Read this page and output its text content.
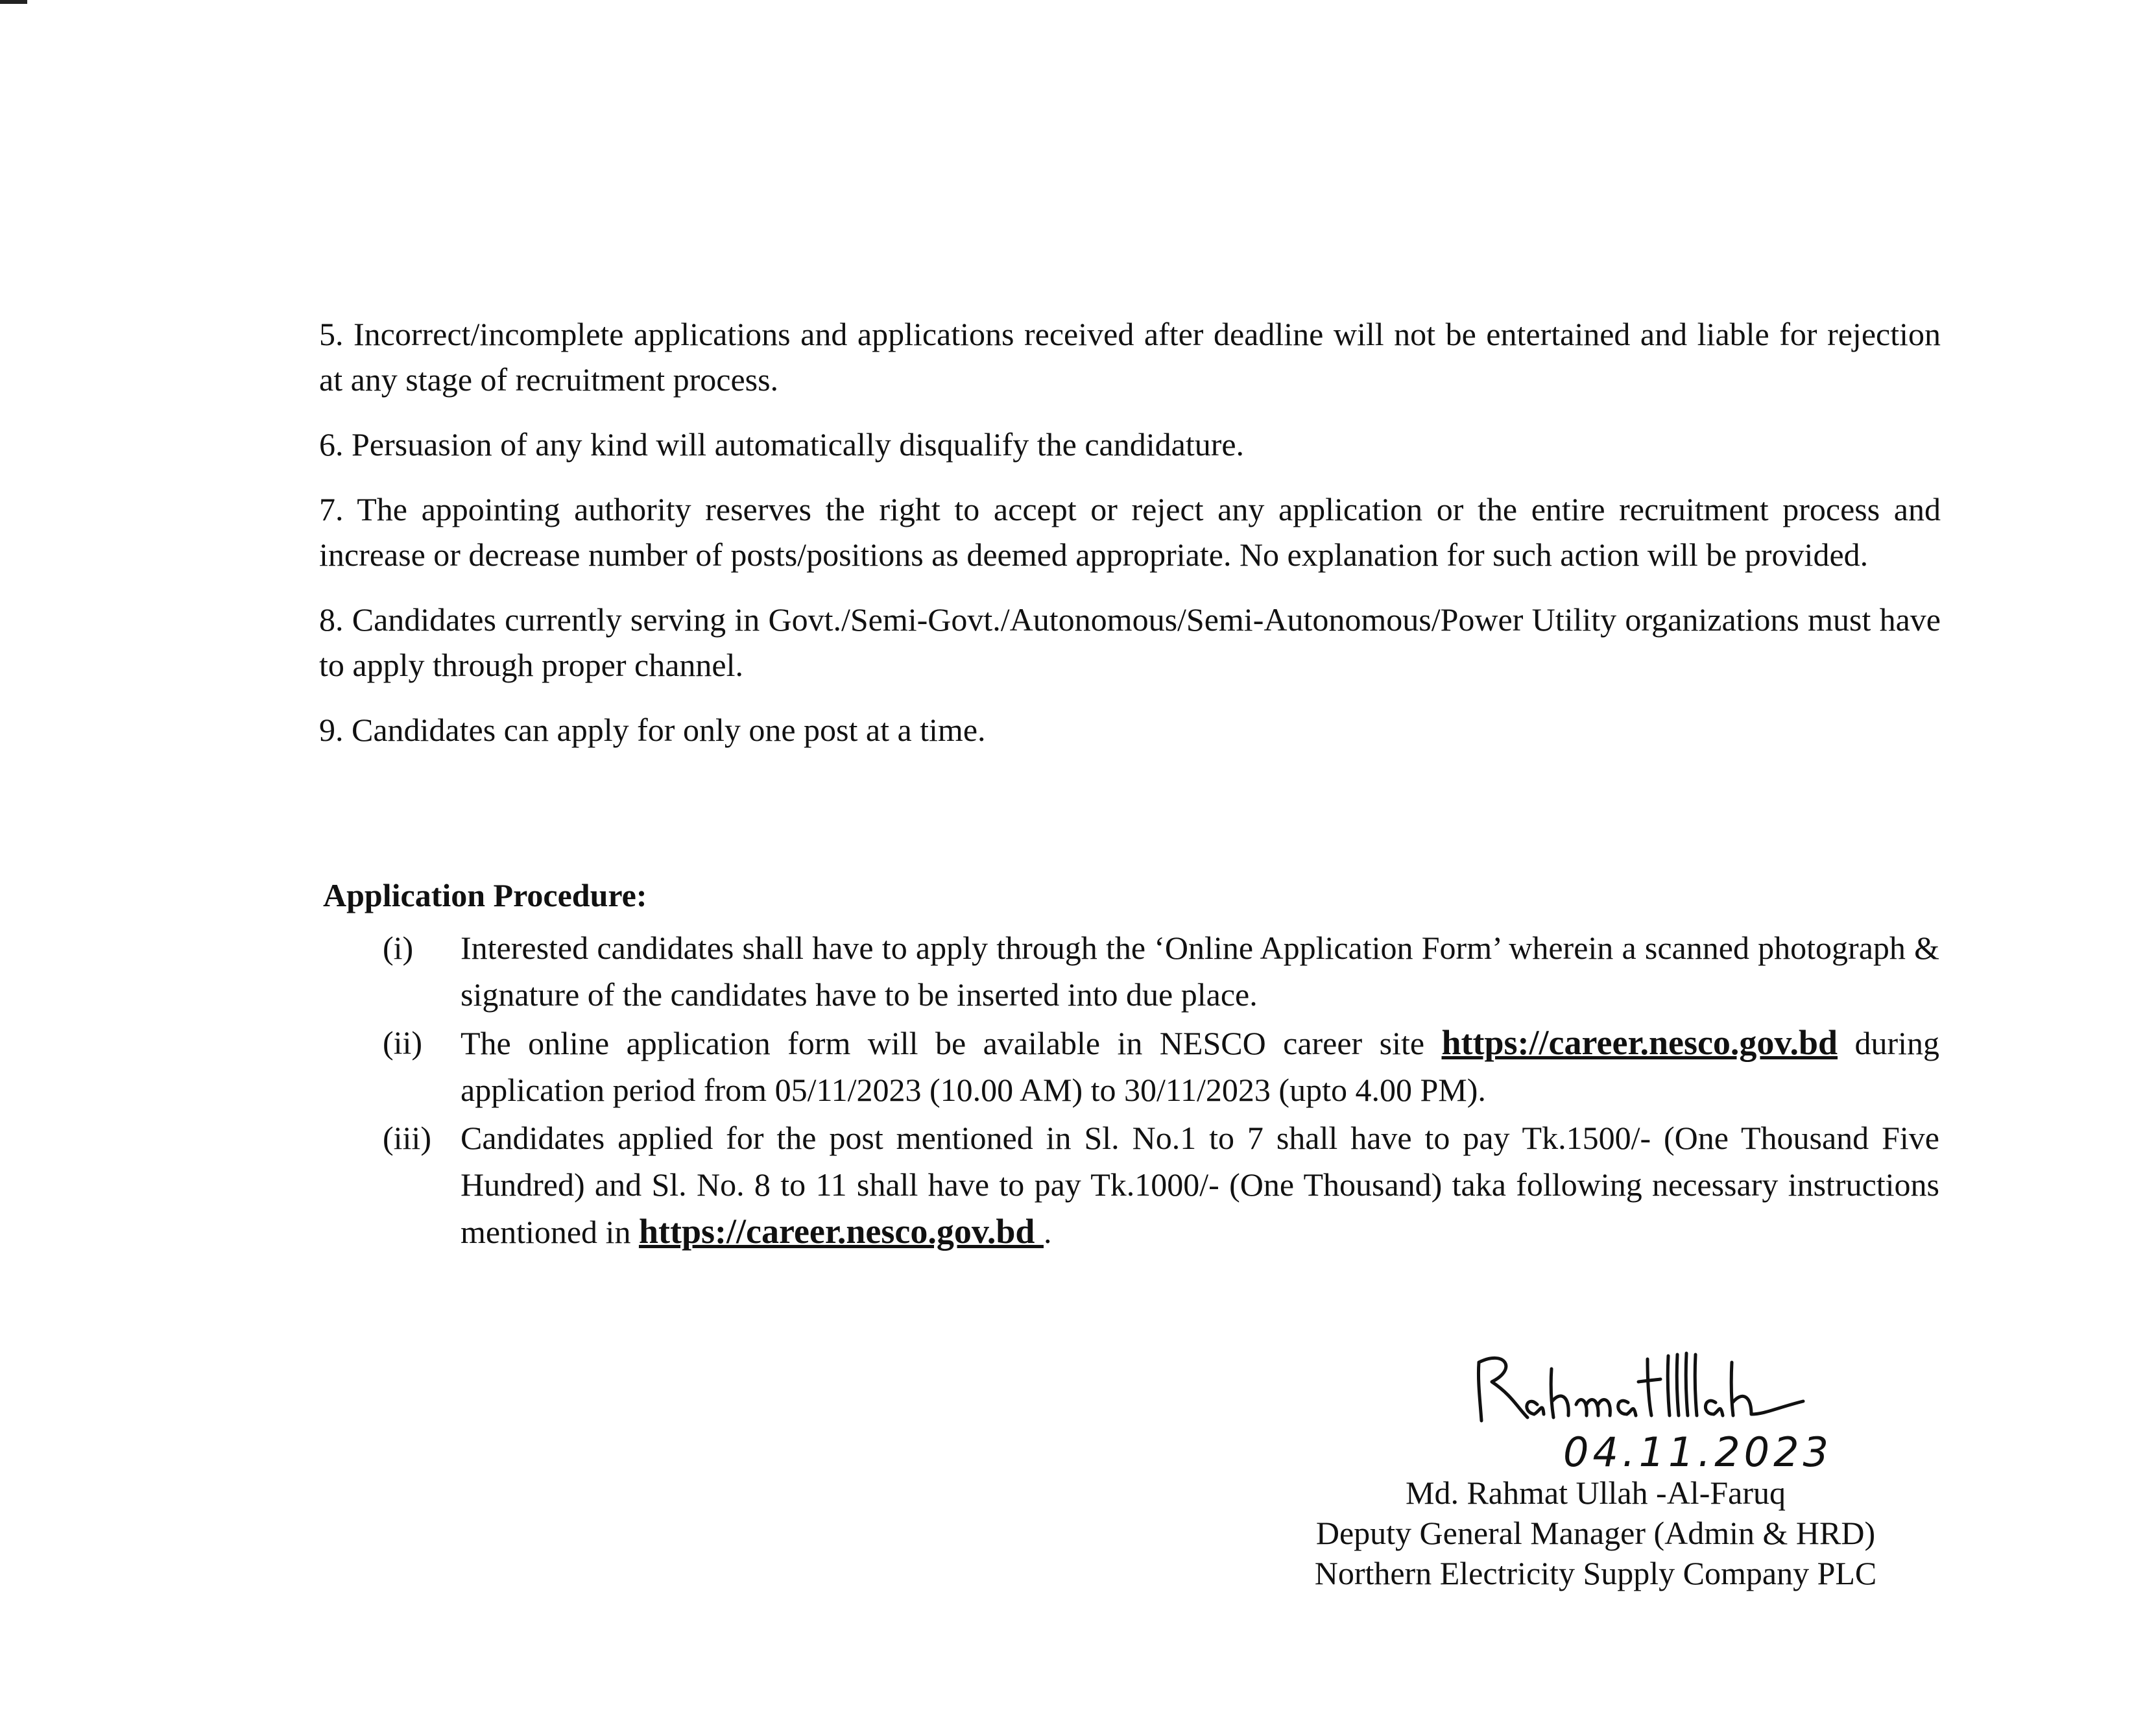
5. Incorrect/incomplete applications and applications received after deadline will not be entertained and liable for rejection at any stage of recruitment process.

6. Persuasion of any kind will automatically disqualify the candidature.

7. The appointing authority reserves the right to accept or reject any application or the entire recruitment process and increase or decrease number of posts/positions as deemed appropriate. No explanation for such action will be provided.

8. Candidates currently serving in Govt./Semi-Govt./Autonomous/Semi-Autonomous/Power Utility organizations must have to apply through proper channel.

9. Candidates can apply for only one post at a time.

Application Procedure:
(i)	Interested candidates shall have to apply through the ‘Online Application Form’ wherein a scanned photograph & signature of the candidates have to be inserted into due place.
(ii)	The online application form will be available in NESCO career site https://career.nesco.gov.bd during application period from 05/11/2023 (10.00 AM) to 30/11/2023 (upto 4.00 PM).
(iii) Candidates applied for the post mentioned in Sl. No.1 to 7 shall have to pay Tk.1500/- (One Thousand Five Hundred) and Sl. No. 8 to 11 shall have to pay Tk.1000/- (One Thousand) taka following necessary instructions mentioned in https://career.nesco.gov.bd .
04.11.2023
Md. Rahmat Ullah -Al-Faruq
Deputy General Manager (Admin & HRD)
Northern Electricity Supply Company PLC
